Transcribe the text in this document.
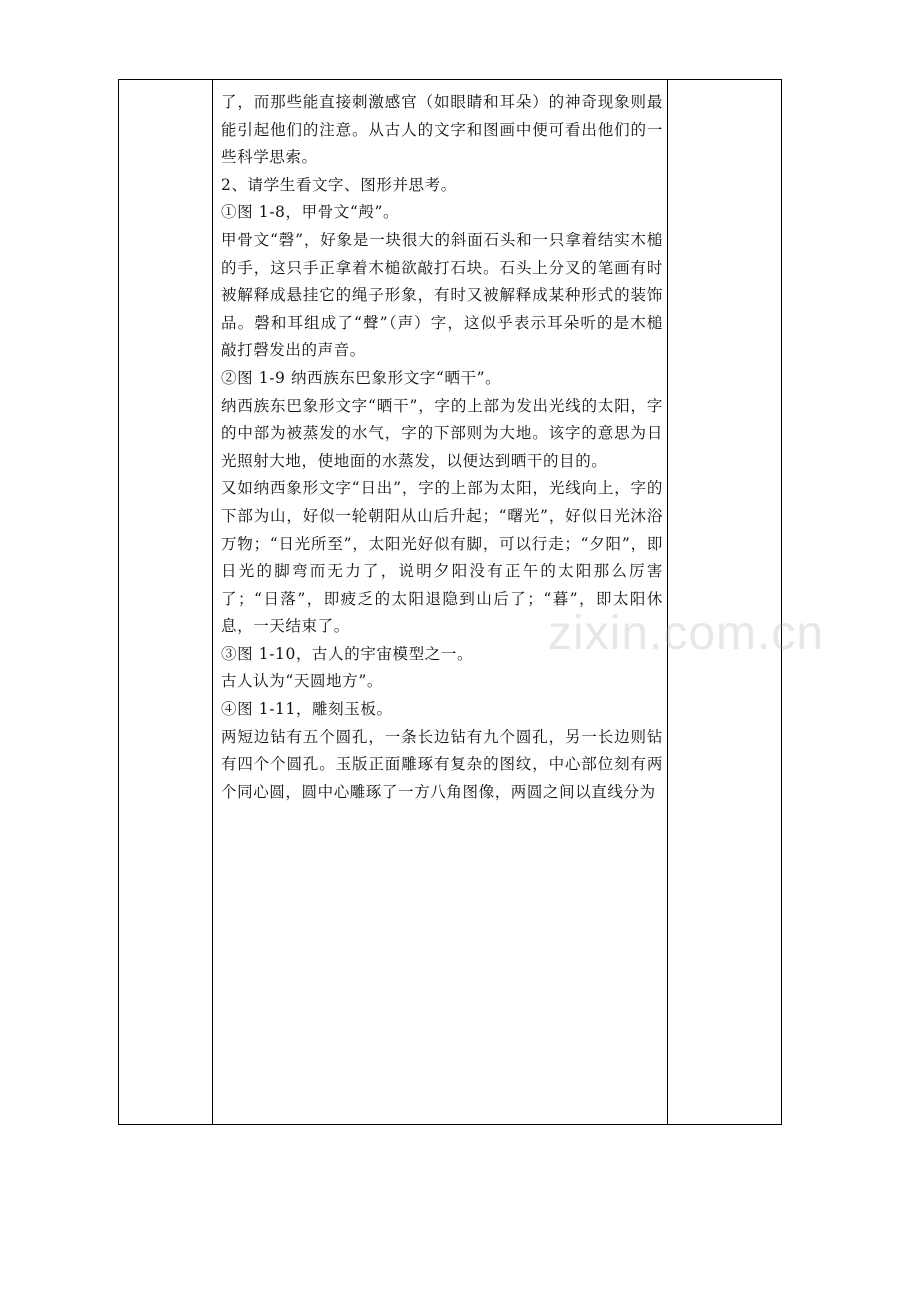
了，而那些能直接刺激感官（如眼睛和耳朵）的神奇现象则最能引起他们的注意。从古人的文字和图画中便可看出他们的一些科学思索。

2、请学生看文字、图形并思考。

①图 1-8，甲骨文“殸”。

甲骨文“磬”，好象是一块很大的斜面石头和一只拿着结实木槌的手，这只手正拿着木槌欲敲打石块。石头上分叉的笔画有时被解释成悬挂它的绳子形象，有时又被解释成某种形式的装饰品。磬和耳组成了“聲”（声）字，这似乎表示耳朵听的是木槌敲打磬发出的声音。

②图 1-9 纳西族东巴象形文字“晒干”。

纳西族东巴象形文字“晒干”，字的上部为发出光线的太阳，字的中部为被蒸发的水气，字的下部则为大地。该字的意思为日光照射大地，使地面的水蒸发，以便达到晒干的目的。

又如纳西象形文字“日出”，字的上部为太阳，光线向上，字的下部为山，好似一轮朝阳从山后升起；“曙光”，好似日光沐浴万物；“日光所至”，太阳光好似有脚，可以行走；“夕阳”，即日光的脚弯而无力了，说明夕阳没有正午的太阳那么厉害了；“日落”，即疲乏的太阳退隐到山后了；“暮”，即太阳休息，一天结束了。

③图 1-10，古人的宇宙模型之一。

古人认为“天圆地方”。

④图 1-11，雕刻玉板。

两短边钻有五个圆孔，一条长边钻有九个圆孔，另一长边则钻有四个个圆孔。玉版正面雕琢有复杂的图纹，中心部位刻有两个同心圆，圆中心雕琢了一方八角图像，两圆之间以直线分为

zixin.com.cn
